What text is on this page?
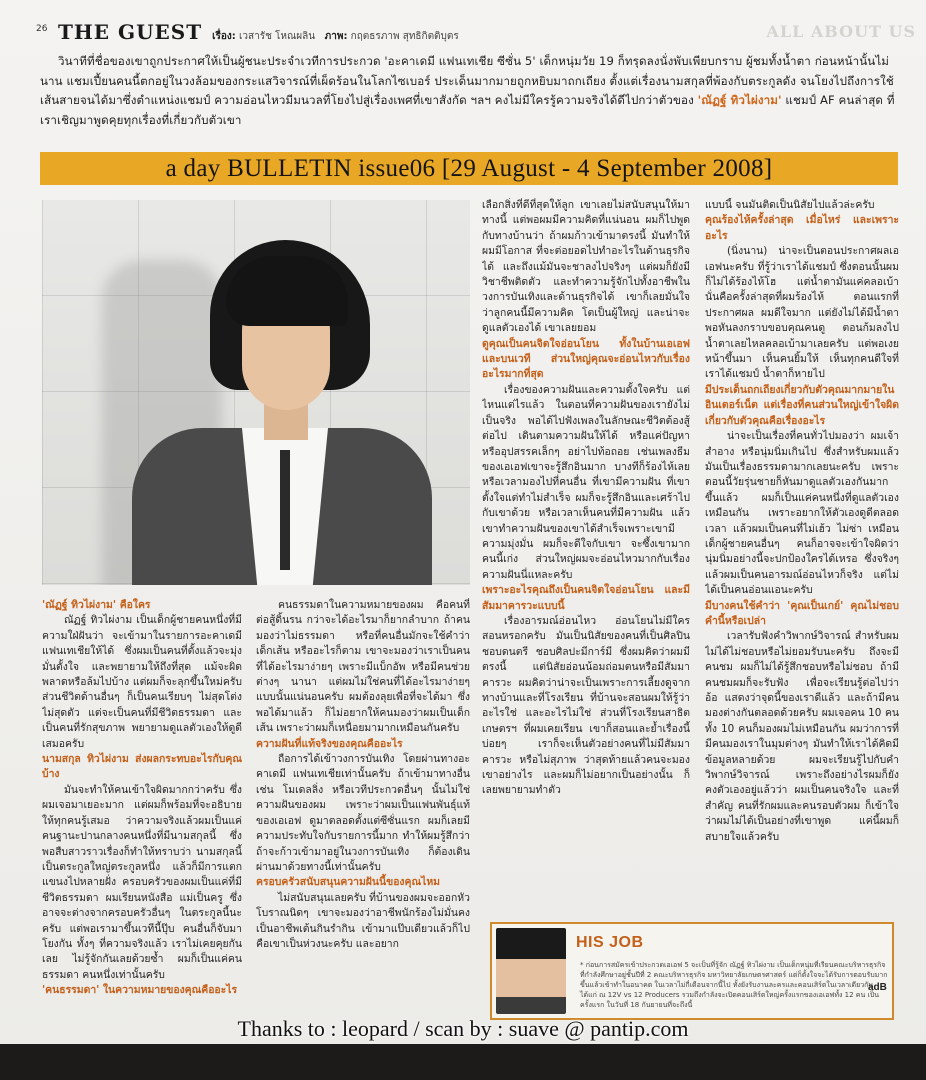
26 THE GUEST เรื่อง: เวสารัช โหณผลิน ภาพ: กฤตธรภาพ สุทธิกิตติบุตร	ALL ABOUT US
วินาทีที่ชื่อของเขาถูกประกาศให้เป็นผู้ชนะประจำเวทีการประกวด 'อะคาเดมี แฟนเทเชีย ซีซั่น 5' เด็กหนุ่มวัย 19 ก็ทรุดลงนั่งพับเพียบกราบ ผู้ชมทั้งน้ำตา ก่อนหน้านั้นไม่นาน แชมเปี้ยนคนนี้ตกอยู่ในวงล้อมของกระแสวิจารณ์ที่เผ็ดร้อนในโลกไซเบอร์ ประเด็นมากมายถูกหยิบมาถกเถียง ตั้งแต่เรื่องนามสกุลที่พ้องกับตระกูลดัง จนโยงไปถึงการใช้เส้นสายจนได้มาซึ่งตำแหน่งแชมป์ ความอ่อนไหวมีมนวลที่โยงไปสู่เรื่องเพศที่เขาสังกัด ฯลฯ คงไม่มีใครรู้ความจริงได้ดีไปกว่าตัวของ 'ณัฏฐ์ ทิวไผ่งาม' แชมป์ AF คนล่าสุด ที่เราเชิญมาพูดคุยทุกเรื่องที่เกี่ยวกับตัวเขา
a day BULLETIN issue06 [29 August - 4 September 2008]

'ณัฏฐ์ ทิวไผ่งาม' คือใคร

ณัฏฐ์ ทิวไผ่งาม เป็นเด็กผู้ชายคนหนึ่งที่มีความใฝ่ฝันว่า จะเข้ามาในรายการอะคาเดมี แฟนเทเชียให้ได้ ซึ่งผมเป็นคนที่ตั้งแล้วจะมุ่งมั่นตั้งใจ และพยายามให้ถึงที่สุด แม้จะผิดพลาดหรือล้มไปบ้าง แต่ผมก็จะลุกขึ้นใหม่ครับ ส่วนชีวิตด้านอื่นๆ ก็เป็นคนเรียบๆ ไม่สุดโต่ง ไม่สุดตัว แต่จะเป็นคนที่มีชีวิตธรรมดา และเป็นคนที่รักสุขภาพ พยายามดูแลตัวเองให้ดูดีเสมอครับ

นามสกุล ทิวไผ่งาม ส่งผลกระทบอะไรกับคุณบ้าง

มันจะทำให้คนเข้าใจผิดมากกว่าครับ ซึ่งผมเจอมาเยอะมาก แต่ผมก็พร้อมที่จะอธิบายให้ทุกคนรู้เสมอ ว่าความจริงแล้วผมเป็นแค่คนฐานะปานกลางคนหนึ่งที่มีนามสกุลนี้ ซึ่งพอสืบสาวราวเรื่องก็ทำให้ทราบว่า นามสกุลนี้เป็นตระกูลใหญ่ตระกูลหนึ่ง แล้วก็มีการแตกแขนงไปหลายฝั่ง ครอบครัวของผมเป็นแค่ที่มีชีวิตธรรมดา ผมเรียนหนังสือ แม่เป็นครู ซึ่งอาจจะต่างจากครอบครัวอื่นๆ ในตระกูลนี้นะครับ แต่พอเรามาขึ้นเวทีนี้ปุ๊บ คนอื่นก็จับมาโยงกัน ทั้งๆ ที่ความจริงแล้ว เราไม่เคยคุยกันเลย ไม่รู้จักกันเลยด้วยซ้ำ ผมก็เป็นแค่คนธรรมดา คนหนึ่งเท่านั้นครับ

'คนธรรมดา' ในความหมายของคุณคืออะไร

คนธรรมดาในความหมายของผม คือคนที่ต่อสู้ดิ้นรน กว่าจะได้อะไรมาก็ยากลำบาก ถ้าคนมองว่าไม่ธรรมดา หรือที่คนอื่นมักจะใช้คำว่า เด็กเส้น หรืออะไรก็ตาม เขาจะมองว่าเราเป็นคนที่ได้อะไรมาง่ายๆ เพราะมีแบ็กอัพ หรือมีคนช่วยต่างๆ นานา แต่ผมไม่ใช่คนที่ได้อะไรมาง่ายๆ แบบนั้นแน่นอนครับ ผมต้องลุยเพื่อที่จะได้มา ซึ่งพอได้มาแล้ว ก็ไม่อยากให้คนมองว่าผมเป็นเด็กเส้น เพราะว่าผมก็เหนื่อยมามากเหมือนกันครับ

ความฝันที่แท้จริงของคุณคืออะไร

ถือการได้เข้าวงการบันเทิง โดยผ่านทางอะคาเดมี แฟนเทเชียเท่านั้นครับ ถ้าเข้ามาทางอื่น เช่น โมเดลลิ่ง หรือเวทีประกวดอื่นๆ นั้นไม่ใช่ความฝันของผม เพราะว่าผมเป็นแฟนพันธุ์แท้ของเอเอฟ ดูมาตลอดตั้งแต่ซีซั่นแรก ผมก็เลยมีความประทับใจกับรายการนี้มาก ทำให้ผมรู้สึกว่าถ้าจะก้าวเข้ามาอยู่ในวงการบันเทิง ก็ต้องเดินผ่านมาด้วยทางนี้เท่านั้นครับ

ครอบครัวสนับสนุนความฝันนี้ของคุณไหม

ไม่สนับสนุนเลยครับ ที่บ้านของผมจะออกหัวโบราณนิดๆ เขาจะมองว่าอาชีพนักร้องไม่มั่นคง เป็นอาชีพเต้นกินรำกิน เข้ามาแป๊บเดียวแล้วก็ไป คือเขาเป็นห่วงนะครับ และอยาก

เลือกสิ่งที่ดีที่สุดให้ลูก เขาเลยไม่สนับสนุนให้มาทางนี้ แต่พอผมมีความคิดที่แน่นอน ผมก็ไปพูดกับทางบ้านว่า ถ้าผมก้าวเข้ามาตรงนี้ มันทำให้ผมมีโอกาส ที่จะต่อยอดไปทำอะไรในด้านธุรกิจได้ และถึงแม้มันจะชาลงไปจริงๆ แต่ผมก็ยังมีวิชาชีพติดตัว และทำความรู้จักไปทั้งอาชีพในวงการบันเทิงและด้านธุรกิจได้ เขาก็เลยมั่นใจว่าลูกคนนี้มีความคิด โตเป็นผู้ใหญ่ และน่าจะดูแลตัวเองได้ เขาเลยยอม

ดูคุณเป็นคนจิตใจอ่อนโยน ทั้งในบ้านเอเอฟและบนเวที ส่วนใหญ่คุณจะอ่อนไหวกับเรื่องอะไรมากที่สุด

เรื่องของความฝันและความตั้งใจครับ แต่ไหนแต่ไรแล้ว ในตอนที่ความฝันของเรายังไม่เป็นจริง พอได้ไปฟังเพลงในลักษณะชีวิตต้องสู้ต่อไป เดินตามความฝันให้ได้ หรือแค่ปัญหาหรืออุปสรรคเล็กๆ อย่าไปท้อถอย เช่นเพลงธีมของเอเอฟเขาจะรู้สึกอินมาก บางทีก็ร้องไห้เลย หรือเวลามองไปที่คนอื่น ที่เขามีความฝัน ที่เขาตั้งใจแต่ทำไม่สำเร็จ ผมก็จะรู้สึกอินและเศร้าไปกับเขาด้วย หรือเวลาเห็นคนที่มีความฝัน แล้วเขาทำความฝันของเขาได้สำเร็จเพราะเขามีความมุ่งมั่น ผมก็จะดีใจกับเขา จะซึ้งเขามาก คนนี้เก่ง ส่วนใหญ่ผมจะอ่อนไหวมากกับเรื่องความฝันนี่แหละครับ

เพราะอะไรคุณถึงเป็นคนจิตใจอ่อนโยน และมีสัมมาคารวะแบบนี้

เรื่องอารมณ์อ่อนไหว อ่อนโยนไม่มีใครสอนหรอกครับ มันเป็นนิสัยของคนที่เป็นศิลปิน ชอบดนตรี ชอบศิลปะมีการ์มี ซึ่งผมคิดว่าผมมีตรงนี้ แต่นิสัยอ่อนน้อมถ่อมตนหรือมีสัมมาคารวะ ผมคิดว่าน่าจะเป็นเพราะการเลี้ยงดูจากทางบ้านและที่โรงเรียน ที่บ้านจะสอนผมให้รู้ว่าอะไรใช่ และอะไรไม่ใช่ ส่วนที่โรงเรียนสาธิตเกษตรฯ ที่ผมเคยเรียน เขาก็สอนและย้ำเรื่องนี้บ่อยๆ เราก็จะเห็นตัวอย่างคนที่ไม่มีสัมมาคารวะ หรือไม่สุภาพ ว่าสุดท้ายแล้วคนจะมองเขาอย่างไร และผมก็ไม่อยากเป็นอย่างนั้น ก็เลยพยายามทำตัว

แบบนี้ จนมันติดเป็นนิสัยไปแล้วล่ะครับ

คุณร้องไห้ครั้งล่าสุด เมื่อไหร่ และเพราะอะไร

(นิ่งนาน) น่าจะเป็นตอนประกาศผลเอเอฟนะครับ ที่รู้ว่าเราได้แชมป์ ซึ่งตอนนั้นผมก็ไม่ได้ร้องไห้โฮ แต่น้ำตามันแค่คลอเบ้า นั่นคือครั้งล่าสุดที่ผมร้องไห้ ตอนแรกที่ประกาศผล ผมดีใจมาก แต่ยังไม่ได้มีน้ำตา พอหันลงกราบขอบคุณคนดู ตอนก้มลงไปน้ำตาเลยไหลคลอเบ้ามาเลยครับ แต่พอเงยหน้าขึ้นมา เห็นคนยิ้มให้ เห็นทุกคนดีใจที่เราได้แชมป์ น้ำตาก็หายไป

มีประเด็นถกเถียงเกี่ยวกับตัวคุณมากมายในอินเตอร์เน็ต แต่เรื่องที่คนส่วนใหญ่เข้าใจผิดเกี่ยวกับตัวคุณคือเรื่องอะไร

น่าจะเป็นเรื่องที่คนทั่วไปมองว่า ผมเจ้าสำอาง หรือนุ่มนิ่มเกินไป ซึ่งสำหรับผมแล้วมันเป็นเรื่องธรรมดามากเลยนะครับ เพราะตอนนี้วัยรุ่นชายก็หันมาดูแลตัวเองกันมากขึ้นแล้ว ผมก็เป็นแค่คนหนึ่งที่ดูแลตัวเองเหมือนกัน เพราะอยากให้ตัวเองดูดีตลอดเวลา แล้วผมเป็นคนที่ไม่เฮ้ว ไม่ซ่า เหมือนเด็กผู้ชายคนอื่นๆ คนก็อาจจะเข้าใจผิดว่า นุ่มนิ่มอย่างนี้จะปกป้องใครได้เหรอ ซึ่งจริงๆ แล้วผมเป็นคนอารมณ์อ่อนไหวก็จริง แต่ไม่ได้เป็นคนอ่อนแอนะครับ

มีบางคนใช้คำว่า 'คุณเป็นเกย์' คุณไม่ชอบคำนี้หรือเปล่า

เวลารับฟังคำวิพากษ์วิจารณ์ สำหรับผมไม่ได้ไม่ชอบหรือไม่ยอมรับนะครับ ถึงจะมีคนชม ผมก็ไม่ได้รู้สึกชอบหรือไม่ชอบ ถ้ามีคนชมผมก็จะรับฟัง เพื่อจะเรียนรู้ต่อไปว่า อ้อ แสดงว่าจุดนี้ของเราดีแล้ว และถ้ามีคนมองต่างกันตลอดด้วยครับ ผมเจอคน 10 คน ทั้ง 10 คนก็มองผมไม่เหมือนกัน ผมว่าการที่มีคนมองเราในมุมต่างๆ มันทำให้เราได้คิดมีข้อมูลหลายด้วย ผมจะเรียนรู้ไปกับคำวิพากษ์วิจารณ์ เพราะถึงอย่างไรผมก็ยังคงตัวเองอยู่แล้วว่า ผมเป็นคนจริงใจ และที่สำคัญ คนที่รักผมและคนรอบตัวผม ก็เข้าใจว่าผมไม่ได้เป็นอย่างที่เขาพูด แค่นี้ผมก็สบายใจแล้วครับ

HIS JOB
* ก่อนการสมัครเข้าประกวดเอเอฟ 5 จะเป็นที่รู้จัก ณัฏฐ์ ทิวไผ่งาม เป็นเด็กหนุ่มที่เรียนคณะบริหารธุรกิจ ที่กำลังศึกษาอยู่ชั้นปีที่ 2 คณะบริหารธุรกิจ มหาวิทยาลัยเกษตรศาสตร์ แต่ก็ตั้งใจจะได้รับการตอบรับมากขึ้นแล้วเข้าทำในอนาคต ในเวลาไม่กี่เดือนจากนี้ไป ทั้งยังรับงานละครและคอนเสิร์ตในเวลาเดียวกัน ได้แก่ ณ 12V vs 12 Producers รวมถึงกำลังจะเปิดคอนเสิร์ตใหญ่ครั้งแรกของเอเอฟทั้ง 12 คน เป็นครั้งแรก ในวันที่ 18 กันยายนที่จะถึงนี้
adB
Thanks to : leopard / scan by : suave @ pantip.com
